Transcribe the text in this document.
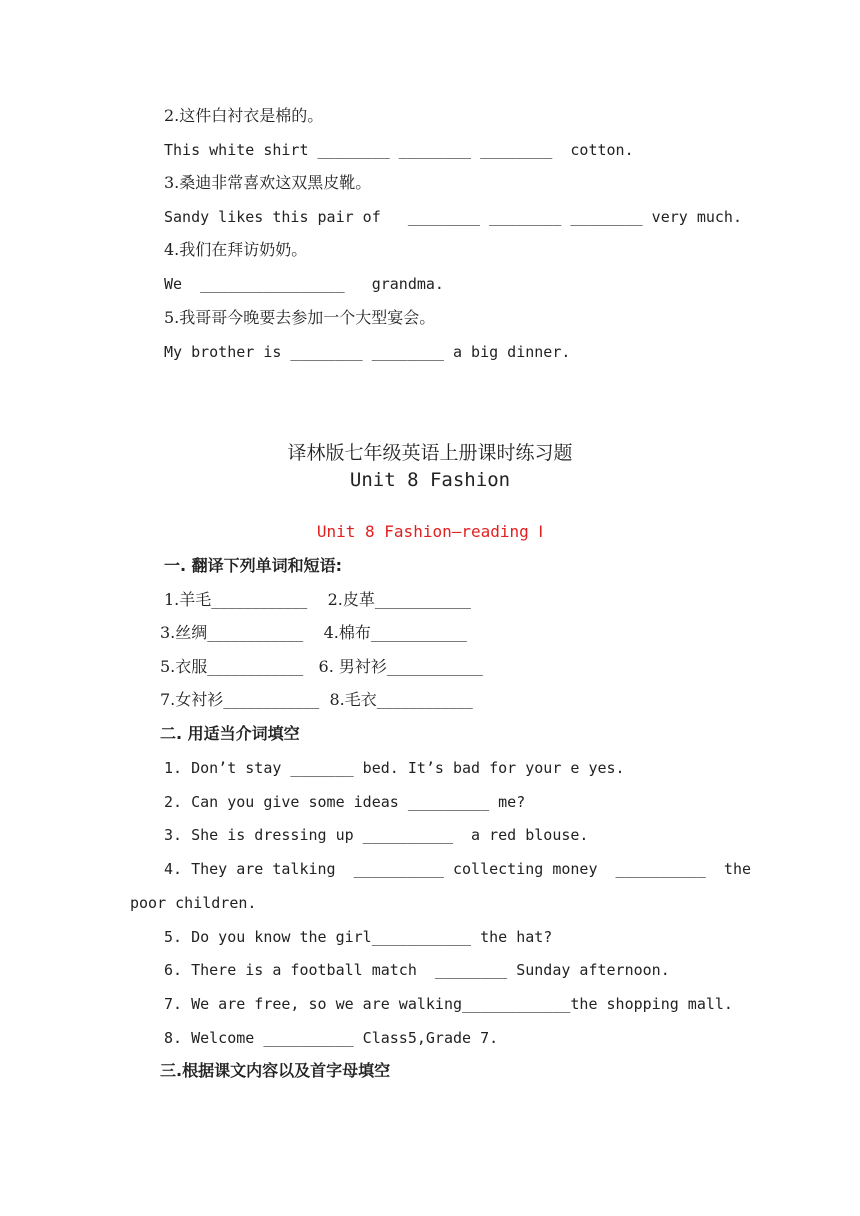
2.这件白衬衣是棉的。
This white shirt ________ ________ ________  cotton.
3.桑迪非常喜欢这双黑皮靴。
Sandy likes this pair of   ________ ________ ________ very much.
4.我们在拜访奶奶。
We  ________________   grandma.
5.我哥哥今晚要去参加一个大型宴会。
My brother is ________ ________ a big dinner.
译林版七年级英语上册课时练习题
Unit 8 Fashion
Unit 8 Fashion—reading Ⅰ
一. 翻译下列单词和短语:
1.羊毛____________    2.皮革____________
3.丝绸____________    4.棉布____________
5.衣服____________   6. 男衬衫____________
7.女衬衫____________  8.毛衣____________
二. 用适当介词填空
1. Don’t stay _______ bed. It’s bad for your e yes.
2. Can you give some ideas _________ me?
3. She is dressing up __________  a red blouse.
4. They are talking  __________ collecting money  __________  the
poor children.
5. Do you know the girl___________ the hat?
6. There is a football match  ________ Sunday afternoon.
7. We are free, so we are walking____________the shopping mall.
8. Welcome __________ Class5,Grade 7.
三.根据课文内容以及首字母填空
